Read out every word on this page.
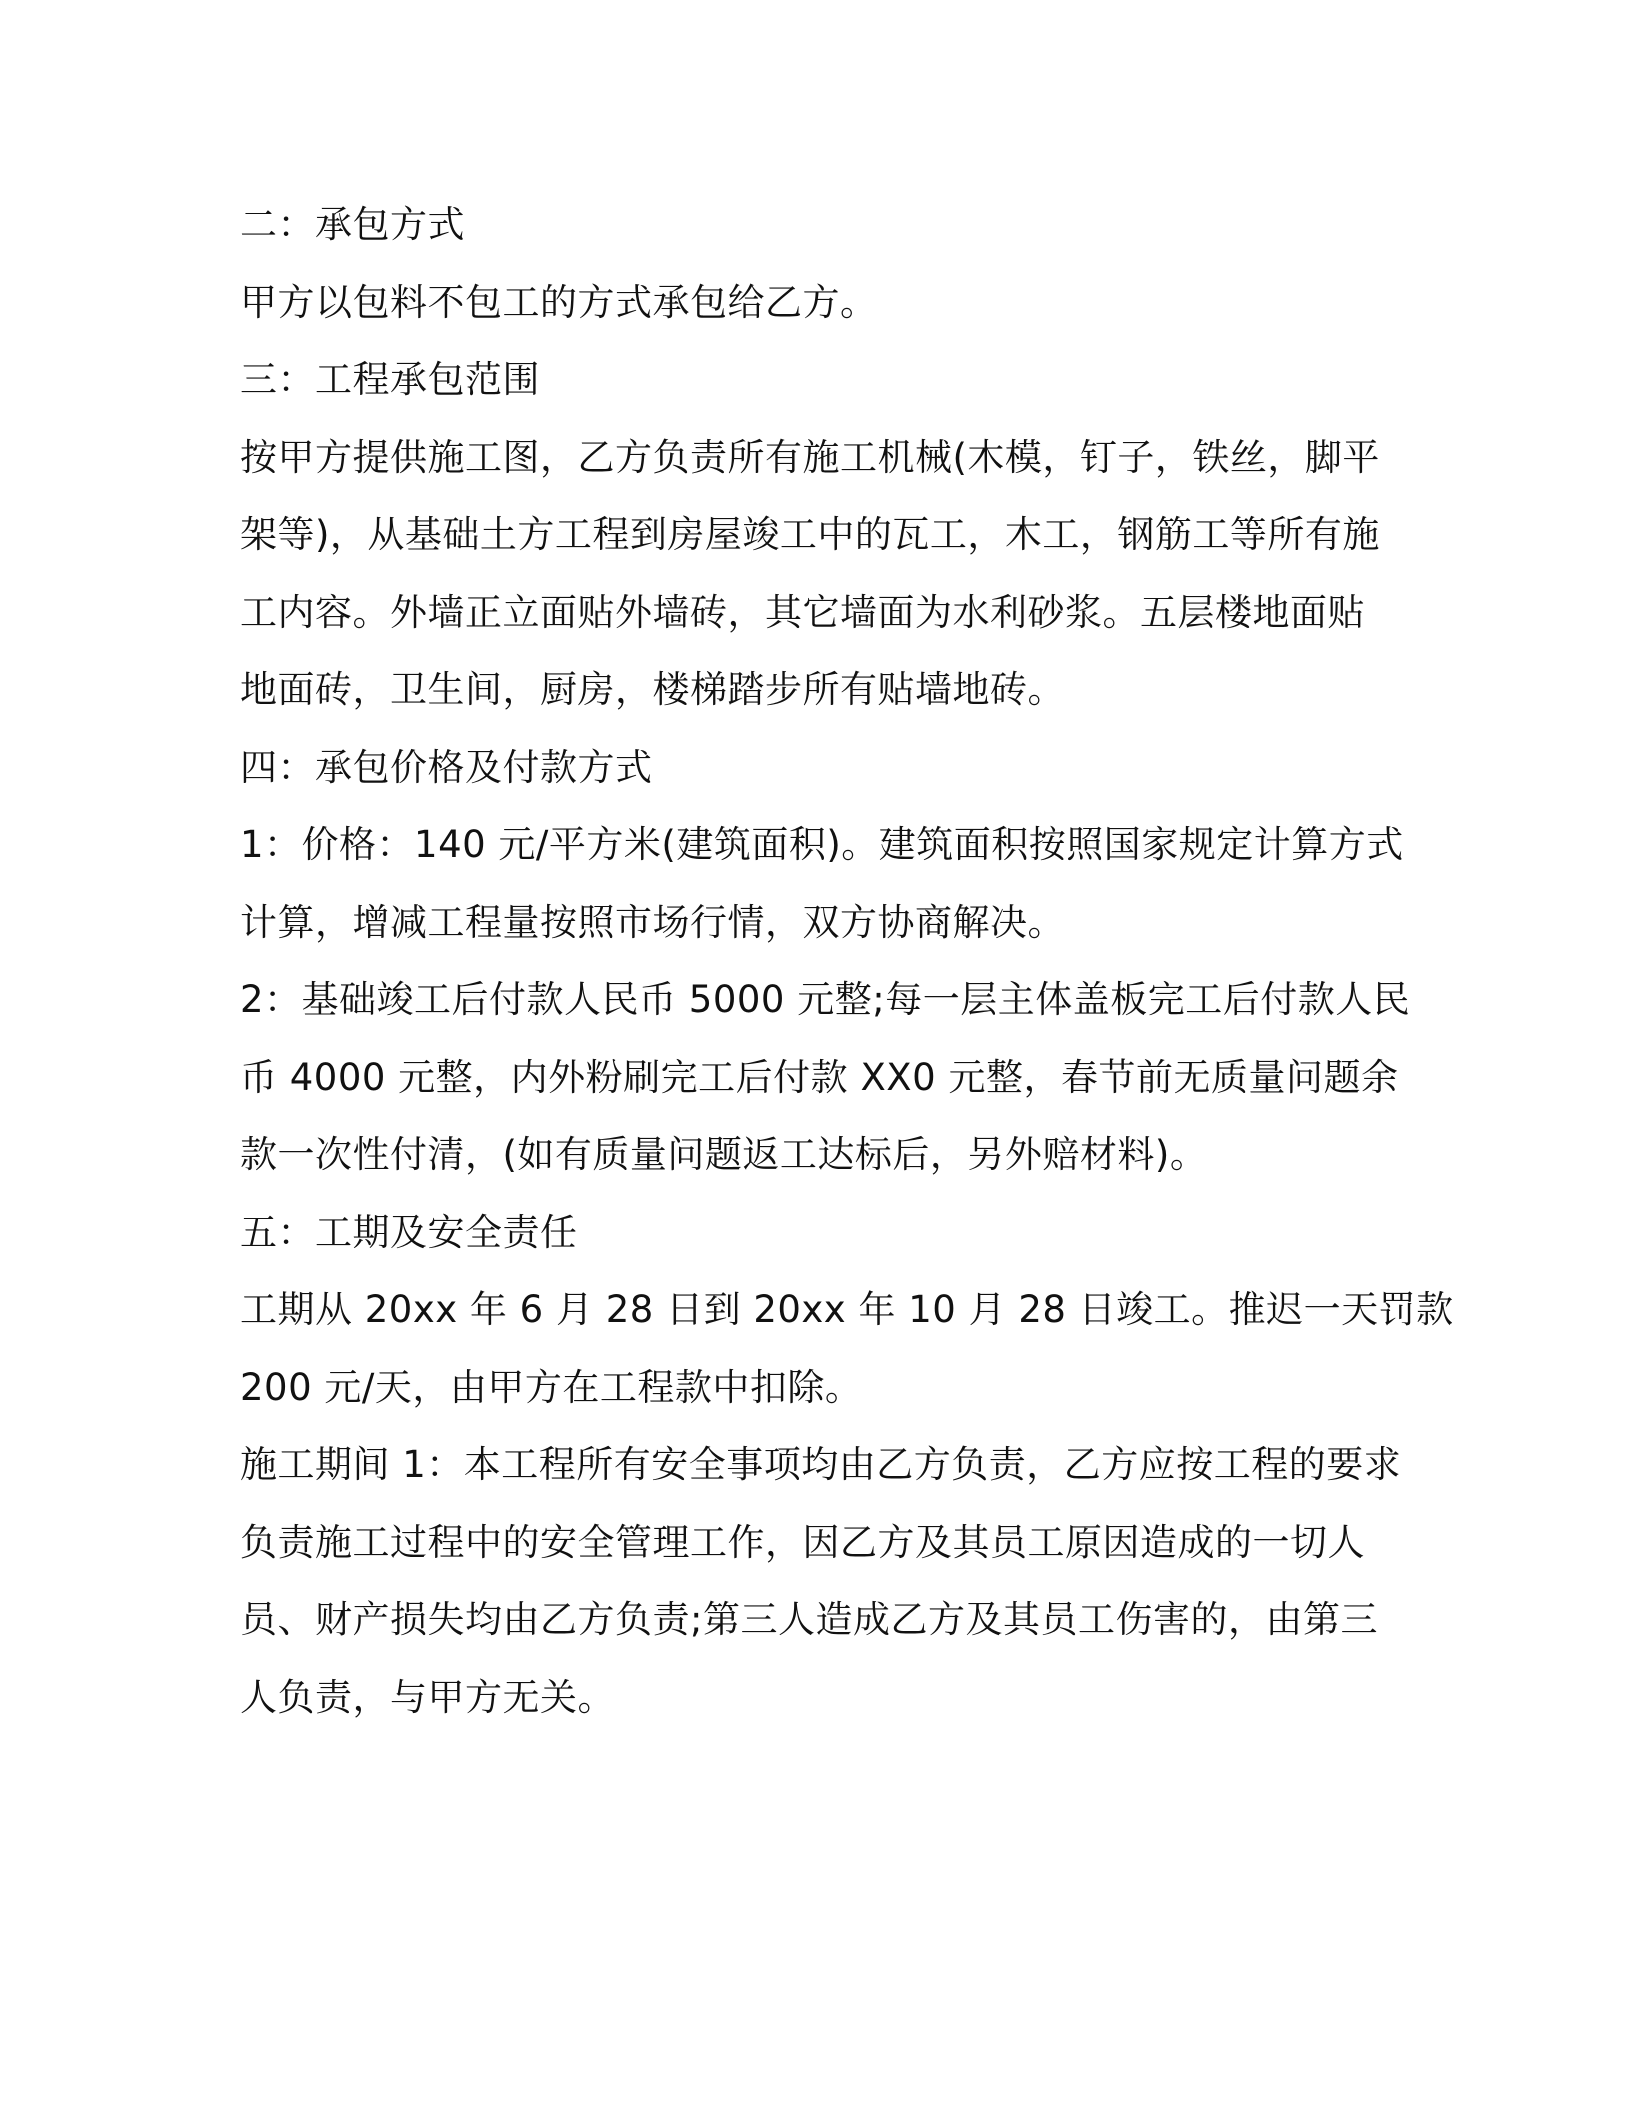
二：承包方式
甲方以包料不包工的方式承包给乙方。
三：工程承包范围
按甲方提供施工图，乙方负责所有施工机械(木模，钉子，铁丝，脚平
架等)，从基础土方工程到房屋竣工中的瓦工，木工，钢筋工等所有施
工内容。外墙正立面贴外墙砖，其它墙面为水利砂浆。五层楼地面贴
地面砖，卫生间，厨房，楼梯踏步所有贴墙地砖。
四：承包价格及付款方式
1：价格：140 元/平方米(建筑面积)。建筑面积按照国家规定计算方式
计算，增减工程量按照市场行情，双方协商解决。
2：基础竣工后付款人民币 5000 元整;每一层主体盖板完工后付款人民
币 4000 元整，内外粉刷完工后付款 XX0 元整，春节前无质量问题余
款一次性付清，(如有质量问题返工达标后，另外赔材料)。
五：工期及安全责任
工期从 20xx 年 6 月 28 日到 20xx 年 10 月 28 日竣工。推迟一天罚款
200 元/天，由甲方在工程款中扣除。
施工期间 1：本工程所有安全事项均由乙方负责，乙方应按工程的要求
负责施工过程中的安全管理工作，因乙方及其员工原因造成的一切人
员、财产损失均由乙方负责;第三人造成乙方及其员工伤害的，由第三
人负责，与甲方无关。
